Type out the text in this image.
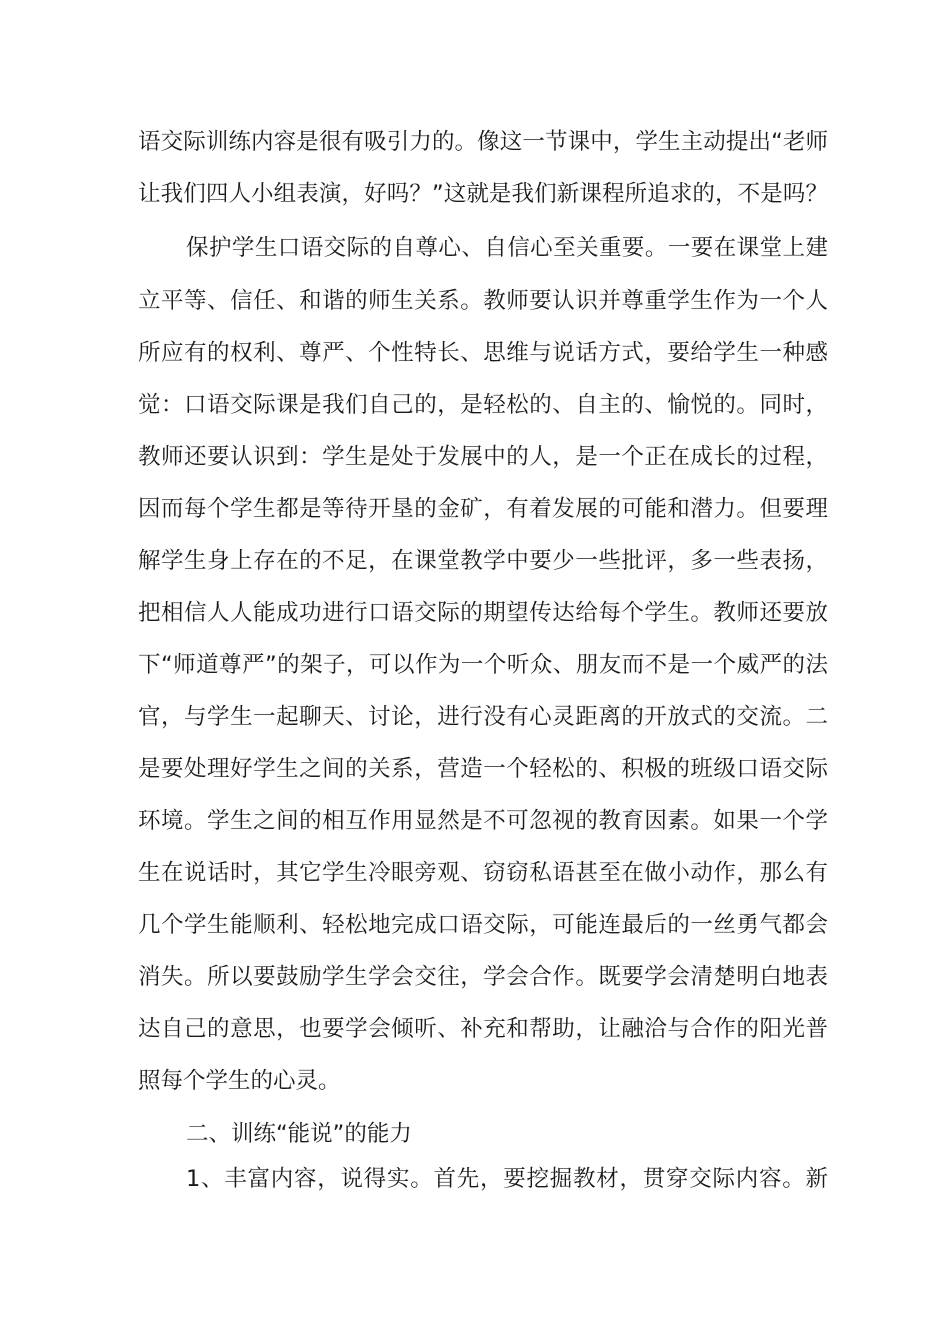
语交际训练内容是很有吸引力的。像这一节课中，学生主动提出“老师
让我们四人小组表演，好吗？”这就是我们新课程所追求的，不是吗？
保护学生口语交际的自尊心、自信心至关重要。一要在课堂上建
立平等、信任、和谐的师生关系。教师要认识并尊重学生作为一个人
所应有的权利、尊严、个性特长、思维与说话方式，要给学生一种感
觉：口语交际课是我们自己的，是轻松的、自主的、愉悦的。同时，
教师还要认识到：学生是处于发展中的人，是一个正在成长的过程，
因而每个学生都是等待开垦的金矿，有着发展的可能和潜力。但要理
解学生身上存在的不足，在课堂教学中要少一些批评，多一些表扬，
把相信人人能成功进行口语交际的期望传达给每个学生。教师还要放
下“师道尊严”的架子，可以作为一个听众、朋友而不是一个威严的法
官，与学生一起聊天、讨论，进行没有心灵距离的开放式的交流。二
是要处理好学生之间的关系，营造一个轻松的、积极的班级口语交际
环境。学生之间的相互作用显然是不可忽视的教育因素。如果一个学
生在说话时，其它学生冷眼旁观、窃窃私语甚至在做小动作，那么有
几个学生能顺利、轻松地完成口语交际，可能连最后的一丝勇气都会
消失。所以要鼓励学生学会交往，学会合作。既要学会清楚明白地表
达自己的意思，也要学会倾听、补充和帮助，让融洽与合作的阳光普
照每个学生的心灵。
二、训练“能说”的能力
1、丰富内容，说得实。首先，要挖掘教材，贯穿交际内容。新
